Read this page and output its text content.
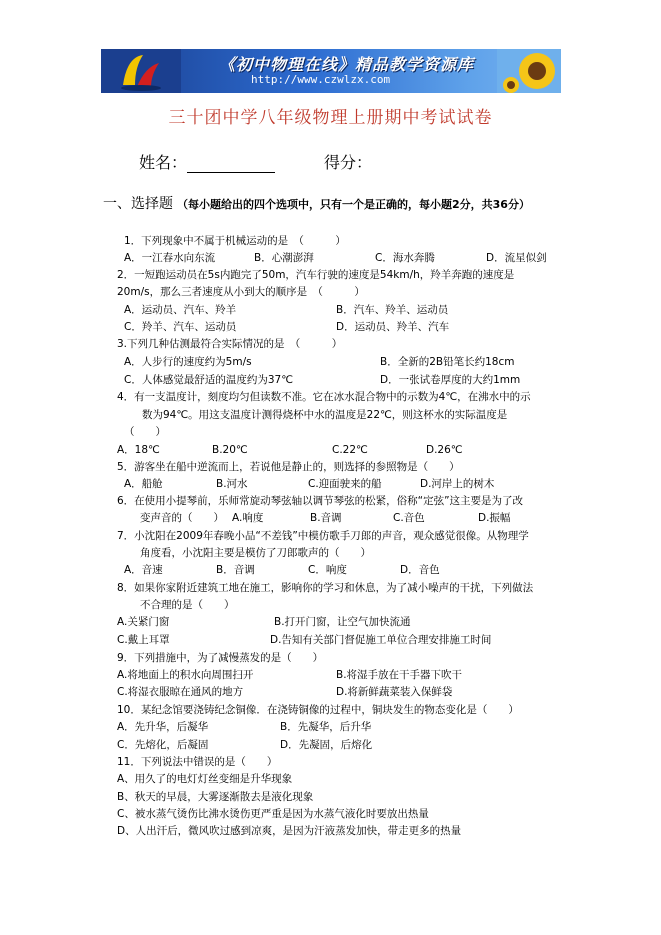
《初中物理在线》精品教学资源库
http://www.czwlzx.com
三十团中学八年级物理上册期中考试试卷
姓名：	得分：
一、选择题 （每小题给出的四个选项中，只有一个是正确的，每小题2分，共36分）
1．下列现象中不属于机械运动的是　（　　　）
A．一江春水向东流	B．心潮澎湃	C．海水奔腾	D．流星似剑
2．一短跑运动员在5s内跑完了50m，汽车行驶的速度是54km/h，羚羊奔跑的速度是
20m/s，那么三者速度从小到大的顺序是　（　　　）
A．运动员、汽车、羚羊	B．汽车、羚羊、运动员
C．羚羊、汽车、运动员	D．运动员、羚羊、汽车
3.下列几种估测最符合实际情况的是　（　　　）
A．人步行的速度约为5m/s	B．全新的2B铅笔长约18cm
C．人体感觉最舒适的温度约为37℃	D．一张试卷厚度的大约1mm
4．有一支温度计，刻度均匀但读数不准。它在冰水混合物中的示数为4℃，在沸水中的示
数为94℃。用这支温度计测得烧杯中水的温度是22℃，则这杯水的实际温度是
（　　）
A．18℃	B.20℃	C.22℃	D.26℃
5．游客坐在船中逆流而上，若说他是静止的，则选择的参照物是（　　）
A．船舱	B.河水	C.迎面驶来的船	D.河岸上的树木
6．在使用小提琴前，乐师常旋动琴弦轴以调节琴弦的松紧，俗称“定弦”这主要是为了改
变声音的（　　） A.响度	B.音调	C.音色	D.振幅
7．小沈阳在2009年春晚小品“不差钱”中模仿歌手刀郎的声音，观众感觉很像。从物理学
角度看，小沈阳主要是模仿了刀郎歌声的（　　）
A．音速	B．音调	C．响度	D．音色
8．如果你家附近建筑工地在施工，影响你的学习和休息，为了减小噪声的干扰，下列做法
不合理的是（　　）
A.关紧门窗	B.打开门窗，让空气加快流通
C.戴上耳罩	D.告知有关部门督促施工单位合理安排施工时间
9．下列措施中，为了减慢蒸发的是（　　）
A.将地面上的积水向周围扫开	B.将湿手放在干手器下吹干
C.将湿衣服晾在通风的地方	D.将新鲜蔬菜装入保鲜袋
10．某纪念馆要浇铸纪念铜像．在浇铸铜像的过程中，铜块发生的物态变化是（　　）
A．先升华，后凝华	B．先凝华，后升华
C．先熔化，后凝固	D．先凝固，后熔化
11．下列说法中错误的是（　　）
A、用久了的电灯灯丝变细是升华现象
B、秋天的早晨，大雾逐渐散去是液化现象
C、被水蒸气烫伤比沸水烫伤更严重是因为水蒸气液化时要放出热量
D、人出汗后，微风吹过感到凉爽，是因为汗液蒸发加快，带走更多的热量
